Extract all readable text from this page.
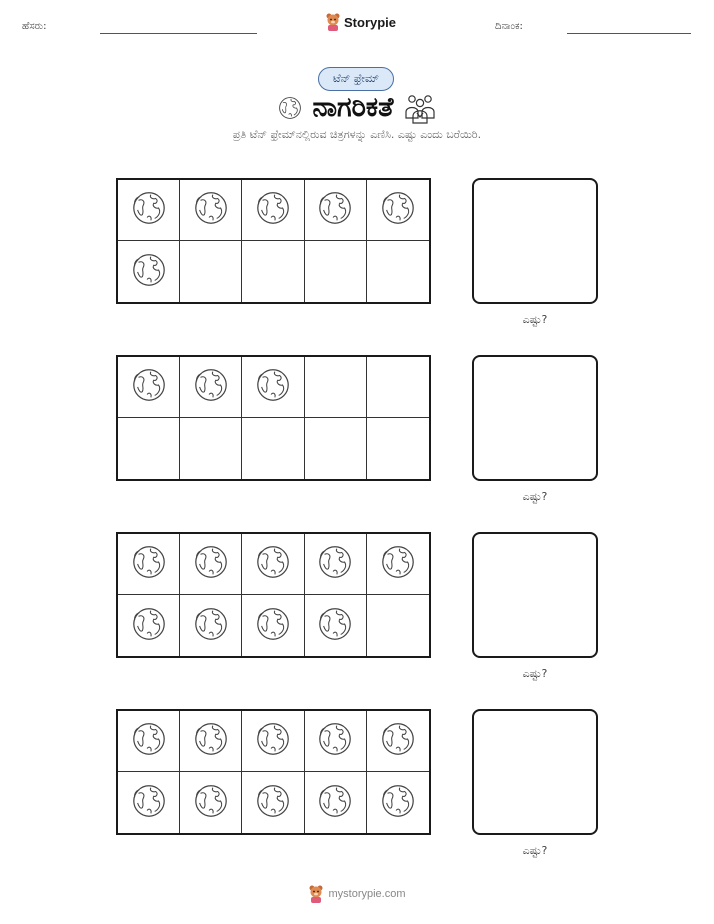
ಹೆಸರು:	Storypie	ದಿನಾಂಕ:
ಟೆನ್ ಫ್ರೇಮ್
ನಾಗರಿಕತೆ
ಪ್ರತಿ ಟೆನ್ ಫ್ರೇಮ್‌ನಲ್ಲಿರುವ ಚಿತ್ರಗಳನ್ನು ಎಣಿಸಿ. ಎಷ್ಟು ಎಂದು ಬರೆಯಿರಿ.
ಎಷ್ಟು?
ಎಷ್ಟು?
ಎಷ್ಟು?
ಎಷ್ಟು?
mystorypie.com
